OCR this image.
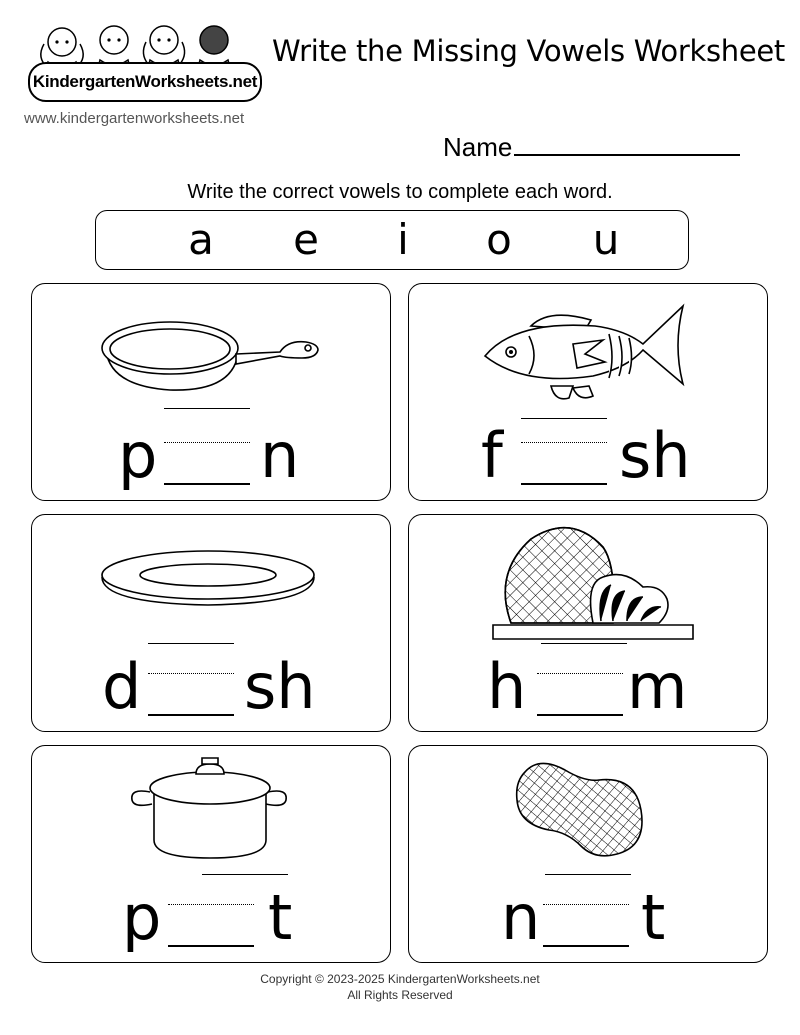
KindergartenWorksheets.net
www.kindergartenworksheets.net
Write the Missing Vowels Worksheet
Name
Write the correct vowels to complete each word.
a	e	i	o	u
p n	f sh
d sh	h m
p t	n t
Copyright © 2023-2025 KindergartenWorksheets.net
All Rights Reserved
